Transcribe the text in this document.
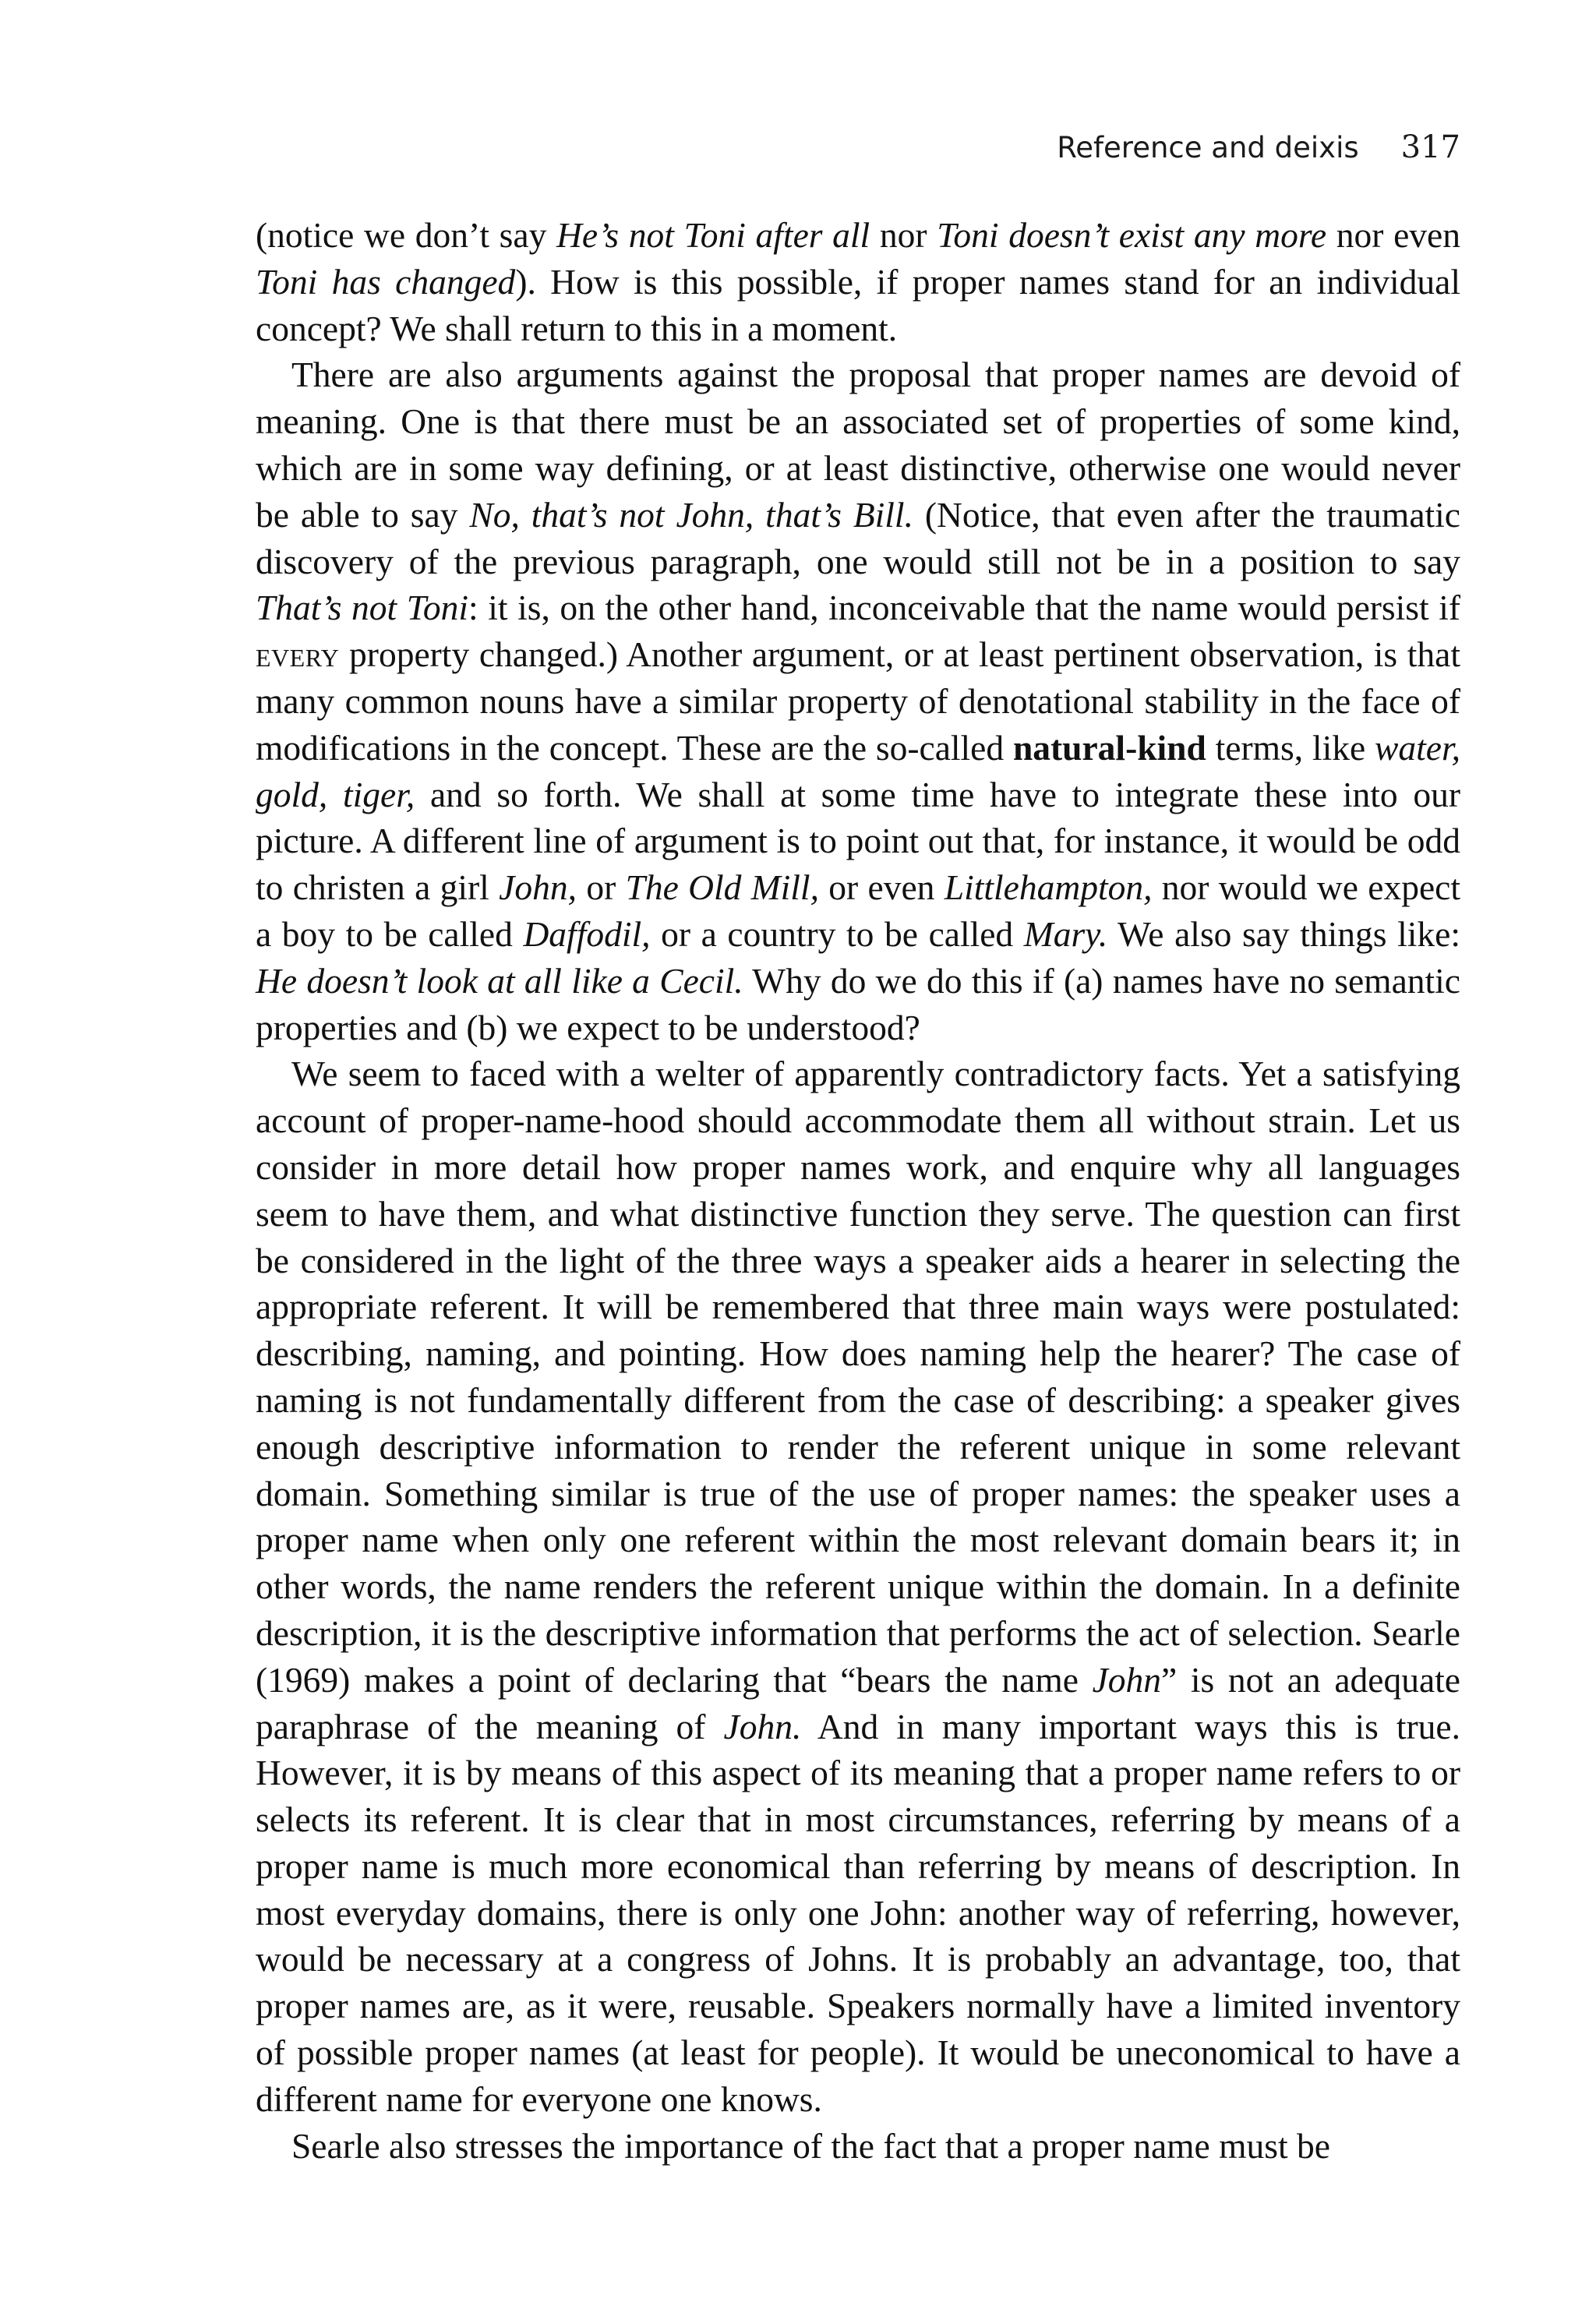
Reference and deixis 317

(notice we don’t say He’s not Toni after all nor Toni doesn’t exist any more nor even Toni has changed). How is this possible, if proper names stand for an individual concept? We shall return to this in a moment.

There are also arguments against the proposal that proper names are devoid of meaning. One is that there must be an associated set of properties of some kind, which are in some way defining, or at least distinctive, otherwise one would never be able to say No, that’s not John, that’s Bill. (Notice, that even after the traumatic discovery of the previous paragraph, one would still not be in a position to say That’s not Toni: it is, on the other hand, inconceivable that the name would persist if every property changed.) Another argument, or at least pertinent observation, is that many common nouns have a similar property of denotational stability in the face of modifications in the concept. These are the so-called natural-kind terms, like water, gold, tiger, and so forth. We shall at some time have to integrate these into our picture. A different line of argument is to point out that, for instance, it would be odd to christen a girl John, or The Old Mill, or even Littlehampton, nor would we expect a boy to be called Daffodil, or a country to be called Mary. We also say things like: He doesn’t look at all like a Cecil. Why do we do this if (a) names have no semantic properties and (b) we expect to be understood?

We seem to faced with a welter of apparently contradictory facts. Yet a satisfying account of proper-name-hood should accommodate them all without strain. Let us consider in more detail how proper names work, and enquire why all languages seem to have them, and what distinctive function they serve. The question can first be considered in the light of the three ways a speaker aids a hearer in selecting the appropriate referent. It will be remembered that three main ways were postulated: describing, naming, and pointing. How does naming help the hearer? The case of naming is not fundamentally different from the case of describing: a speaker gives enough descriptive information to render the referent unique in some relevant domain. Something similar is true of the use of proper names: the speaker uses a proper name when only one referent within the most relevant domain bears it; in other words, the name renders the referent unique within the domain. In a definite description, it is the descriptive information that performs the act of selection. Searle (1969) makes a point of declaring that “bears the name John” is not an adequate paraphrase of the meaning of John. And in many important ways this is true. However, it is by means of this aspect of its meaning that a proper name refers to or selects its referent. It is clear that in most circumstances, referring by means of a proper name is much more economical than referring by means of description. In most everyday domains, there is only one John: another way of referring, however, would be necessary at a congress of Johns. It is probably an advantage, too, that proper names are, as it were, reusable. Speakers normally have a limited inventory of possible proper names (at least for people). It would be uneconomical to have a different name for everyone one knows.

Searle also stresses the importance of the fact that a proper name must be
